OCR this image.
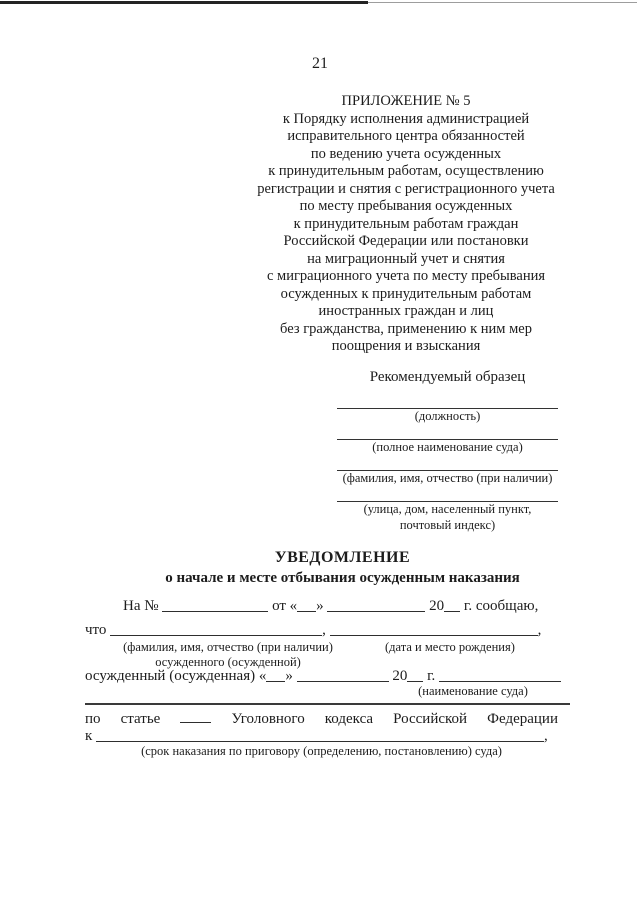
21
ПРИЛОЖЕНИЕ № 5
к Порядку исполнения администрацией
исправительного центра обязанностей
по ведению учета осужденных
к принудительным работам, осуществлению
регистрации и снятия с регистрационного учета
по месту пребывания осужденных
к принудительным работам граждан
Российской Федерации или постановки
на миграционный учет и снятия
с миграционного учета по месту пребывания
осужденных к принудительным работам
иностранных граждан и лиц
без гражданства, применению к ним мер
поощрения и взыскания
Рекомендуемый образец
(должность)
(полное наименование суда)
(фамилия, имя, отчество (при наличии)
(улица, дом, населенный пункт,
почтовый индекс)
УВЕДОМЛЕНИЕ
о начале и месте отбывания осужденным наказания
На №	от « »	20 г. сообщаю,
что	,	,
(фамилия, имя, отчество (при наличии)	(дата и место рождения)
осужденного (осужденной)
осужденный (осужденная) « »	20 г.
(наименование суда)
по статье	Уголовного кодекса Российской Федерации
к	,
(срок наказания по приговору (определению, постановлению) суда)
